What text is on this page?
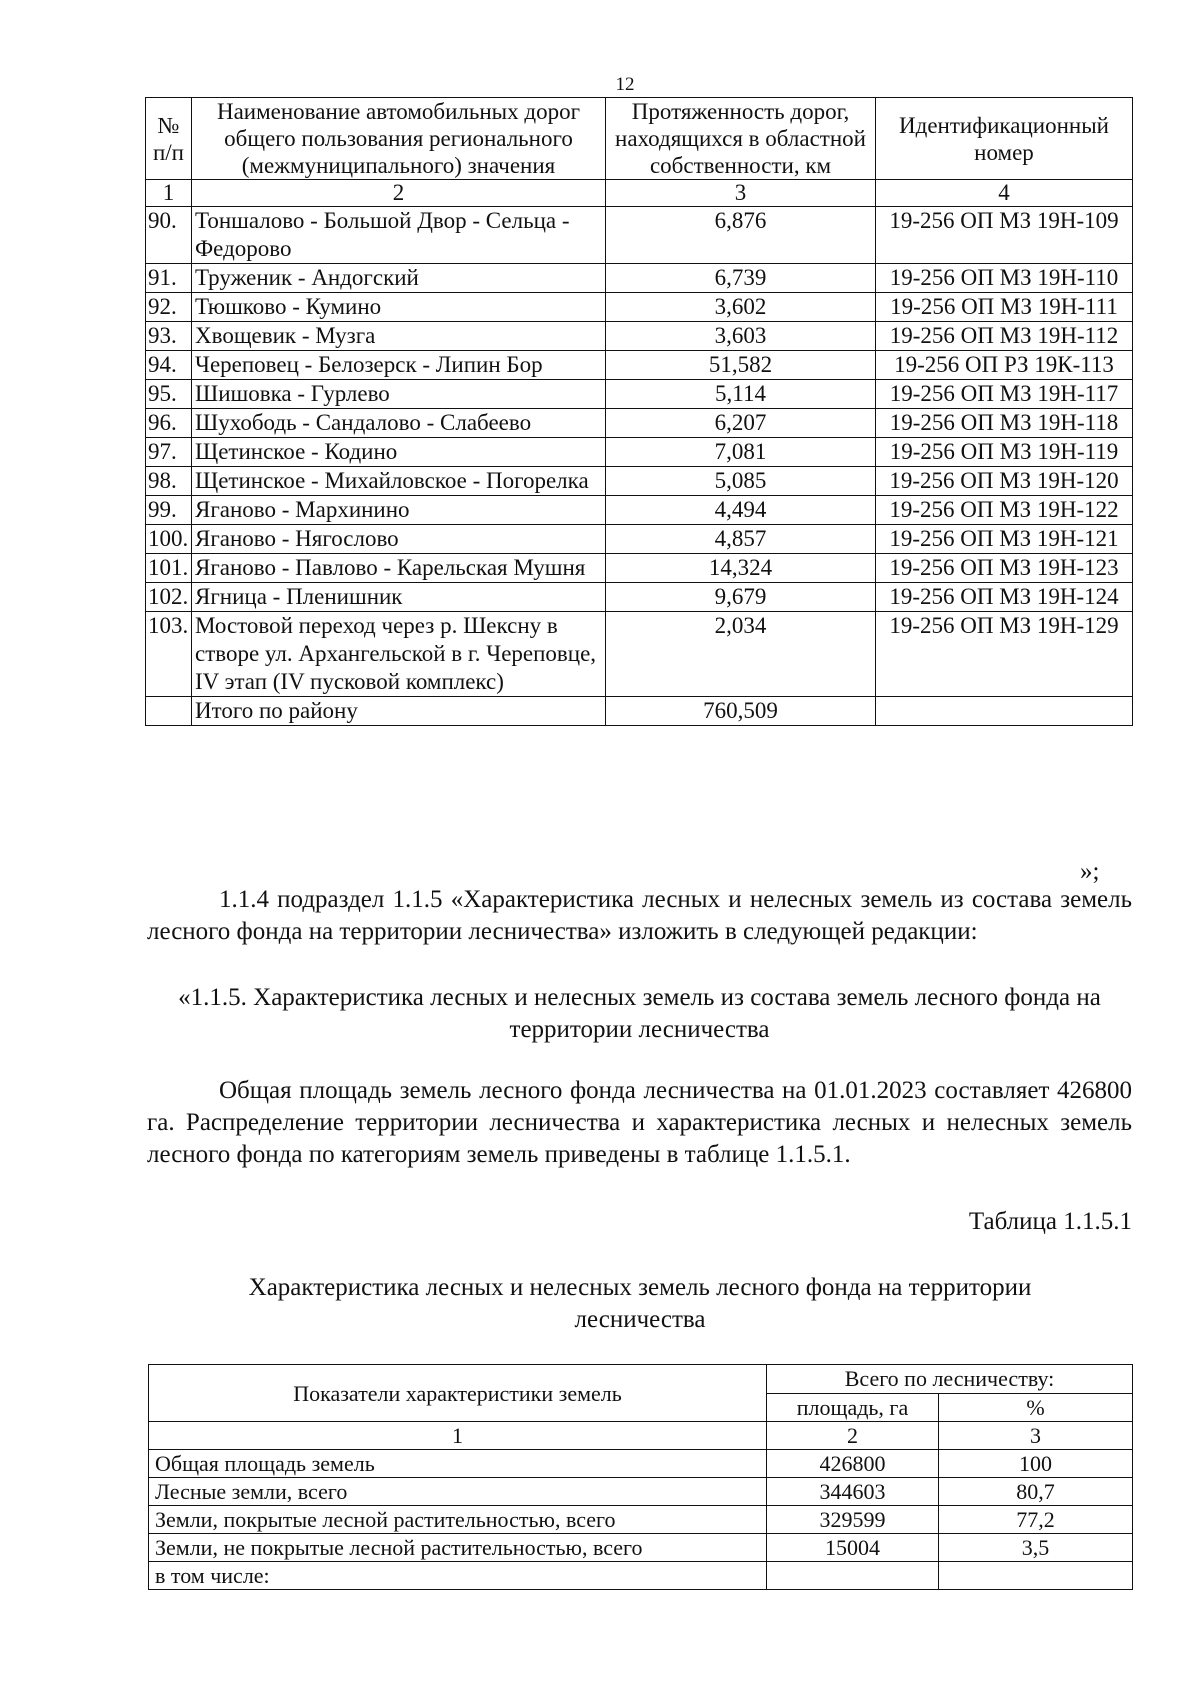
12
№ п/п	Наименование автомобильных дорог общего пользования регионального (межмуниципального) значения	Протяженность дорог, находящихся в областной собственности, км	Идентификационный номер
1	2	3	4
90.	Тоншалово - Большой Двор - Сельца - Федорово	6,876	19-256 ОП МЗ 19Н-109
91.	Труженик - Андогский	6,739	19-256 ОП МЗ 19Н-110
92.	Тюшково - Кумино	3,602	19-256 ОП МЗ 19Н-111
93.	Хвощевик - Музга	3,603	19-256 ОП МЗ 19Н-112
94.	Череповец - Белозерск - Липин Бор	51,582	19-256 ОП РЗ 19К-113
95.	Шишовка - Гурлево	5,114	19-256 ОП МЗ 19Н-117
96.	Шухободь - Сандалово - Слабеево	6,207	19-256 ОП МЗ 19Н-118
97.	Щетинское - Кодино	7,081	19-256 ОП МЗ 19Н-119
98.	Щетинское - Михайловское - Погорелка	5,085	19-256 ОП МЗ 19Н-120
99.	Яганово - Мархинино	4,494	19-256 ОП МЗ 19Н-122
100.	Яганово - Нягослово	4,857	19-256 ОП МЗ 19Н-121
101.	Яганово - Павлово - Карельская Мушня	14,324	19-256 ОП МЗ 19Н-123
102.	Ягница - Пленишник	9,679	19-256 ОП МЗ 19Н-124
103.	Мостовой переход через р. Шексну в створе ул. Архангельской в г. Череповце, IV этап (IV пусковой комплекс)	2,034	19-256 ОП МЗ 19Н-129
	Итого по району	760,509	
»;
1.1.4 подраздел 1.1.5 «Характеристика лесных и нелесных земель из состава земель лесного фонда на территории лесничества» изложить в следующей редакции:
«1.1.5. Характеристика лесных и нелесных земель из состава земель лесного фонда на территории лесничества
Общая площадь земель лесного фонда лесничества на 01.01.2023 составляет 426800 га. Распределение территории лесничества и характеристика лесных и нелесных земель лесного фонда по категориям земель приведены в таблице 1.1.5.1.
Таблица 1.1.5.1
Характеристика лесных и нелесных земель лесного фонда на территории лесничества
Показатели характеристики земель	Всего по лесничеству:	
	площадь, га	%
1	2	3
Общая площадь земель	426800	100
Лесные земли, всего	344603	80,7
Земли, покрытые лесной растительностью, всего	329599	77,2
Земли, не покрытые лесной растительностью, всего	15004	3,5
в том числе:		
